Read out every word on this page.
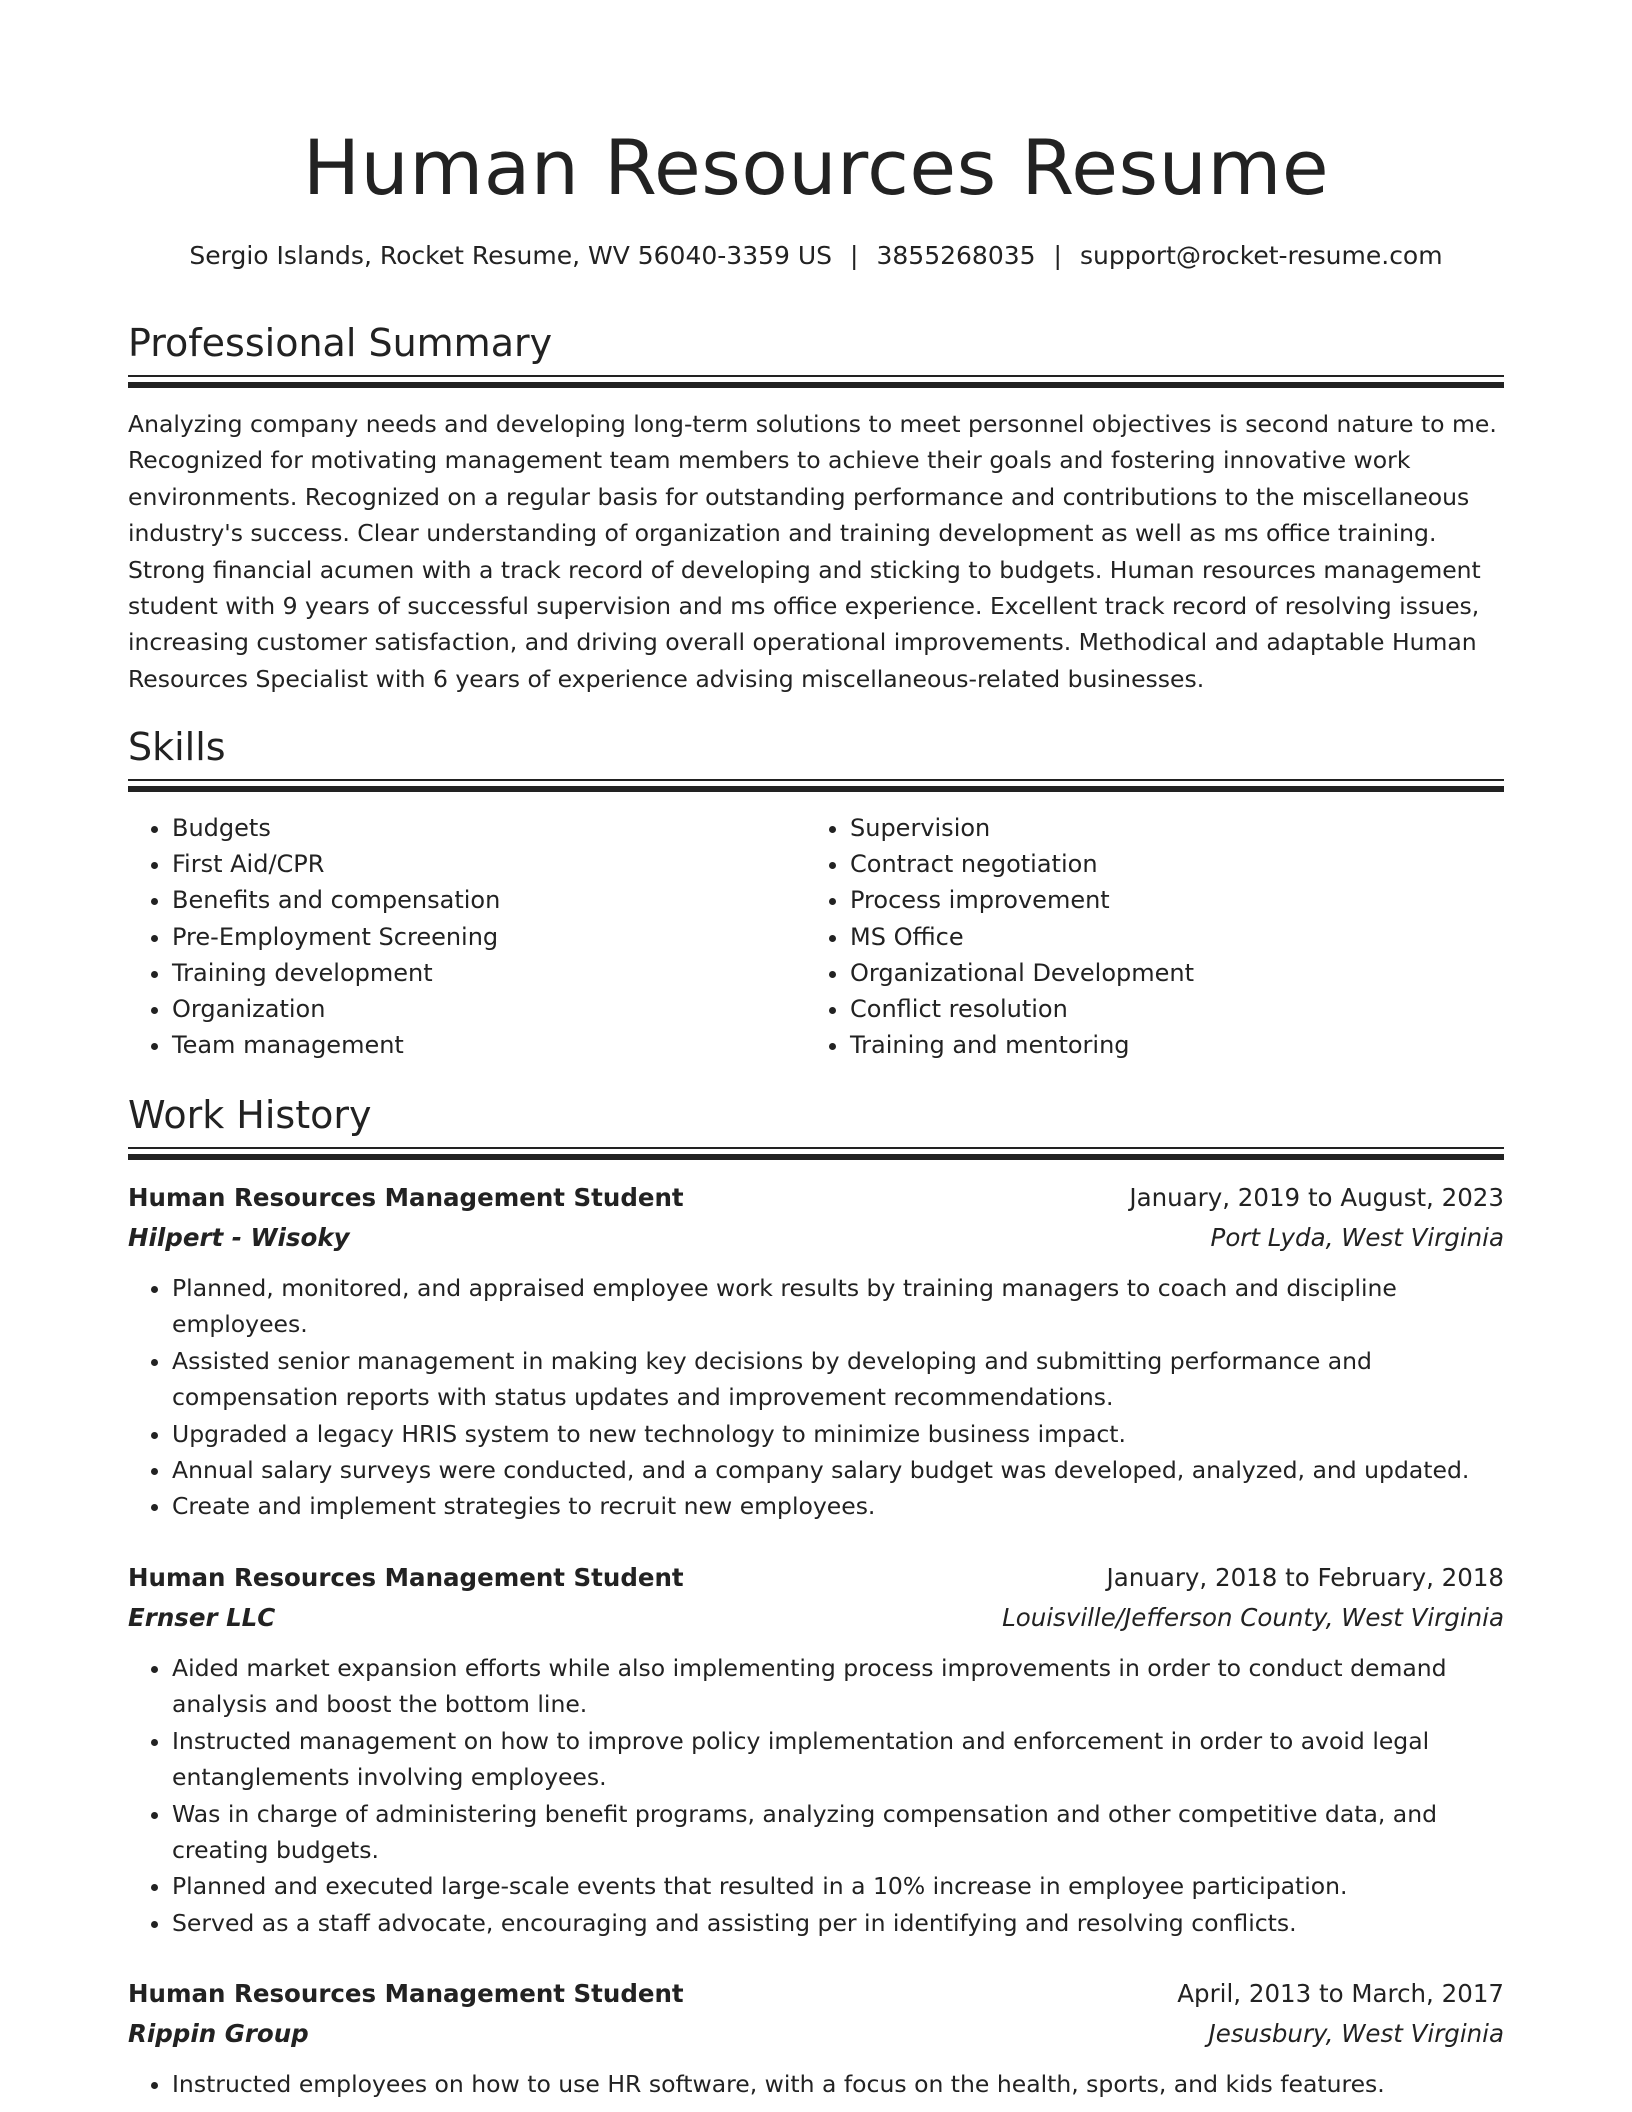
Human Resources Resume
Sergio Islands, Rocket Resume, WV 56040-3359 US | 3855268035 | support@rocket-resume.com
Professional Summary

Analyzing company needs and developing long-term solutions to meet personnel objectives is second nature to me. Recognized for motivating management team members to achieve their goals and fostering innovative work environments. Recognized on a regular basis for outstanding performance and contributions to the miscellaneous industry's success. Clear understanding of organization and training development as well as ms office training. Strong financial acumen with a track record of developing and sticking to budgets. Human resources management student with 9 years of successful supervision and ms office experience. Excellent track record of resolving issues, increasing customer satisfaction, and driving overall operational improvements. Methodical and adaptable Human Resources Specialist with 6 years of experience advising miscellaneous-related businesses.

Skills
• Budgets
• First Aid/CPR
• Benefits and compensation
• Pre-Employment Screening
• Training development
• Organization
• Team management
• Supervision
• Contract negotiation
• Process improvement
• MS Office
• Organizational Development
• Conflict resolution
• Training and mentoring
Work History
Human Resources Management Student	January, 2019 to August, 2023
Hilpert - Wisoky	Port Lyda, West Virginia
• Planned, monitored, and appraised employee work results by training managers to coach and discipline employees.
• Assisted senior management in making key decisions by developing and submitting performance and compensation reports with status updates and improvement recommendations.
• Upgraded a legacy HRIS system to new technology to minimize business impact.
• Annual salary surveys were conducted, and a company salary budget was developed, analyzed, and updated.
• Create and implement strategies to recruit new employees.
Human Resources Management Student	January, 2018 to February, 2018
Ernser LLC	Louisville/Jefferson County, West Virginia
• Aided market expansion efforts while also implementing process improvements in order to conduct demand analysis and boost the bottom line.
• Instructed management on how to improve policy implementation and enforcement in order to avoid legal entanglements involving employees.
• Was in charge of administering benefit programs, analyzing compensation and other competitive data, and creating budgets.
• Planned and executed large-scale events that resulted in a 10% increase in employee participation.
• Served as a staff advocate, encouraging and assisting per in identifying and resolving conflicts.
Human Resources Management Student	April, 2013 to March, 2017
Rippin Group	Jesusbury, West Virginia
• Instructed employees on how to use HR software, with a focus on the health, sports, and kids features.
